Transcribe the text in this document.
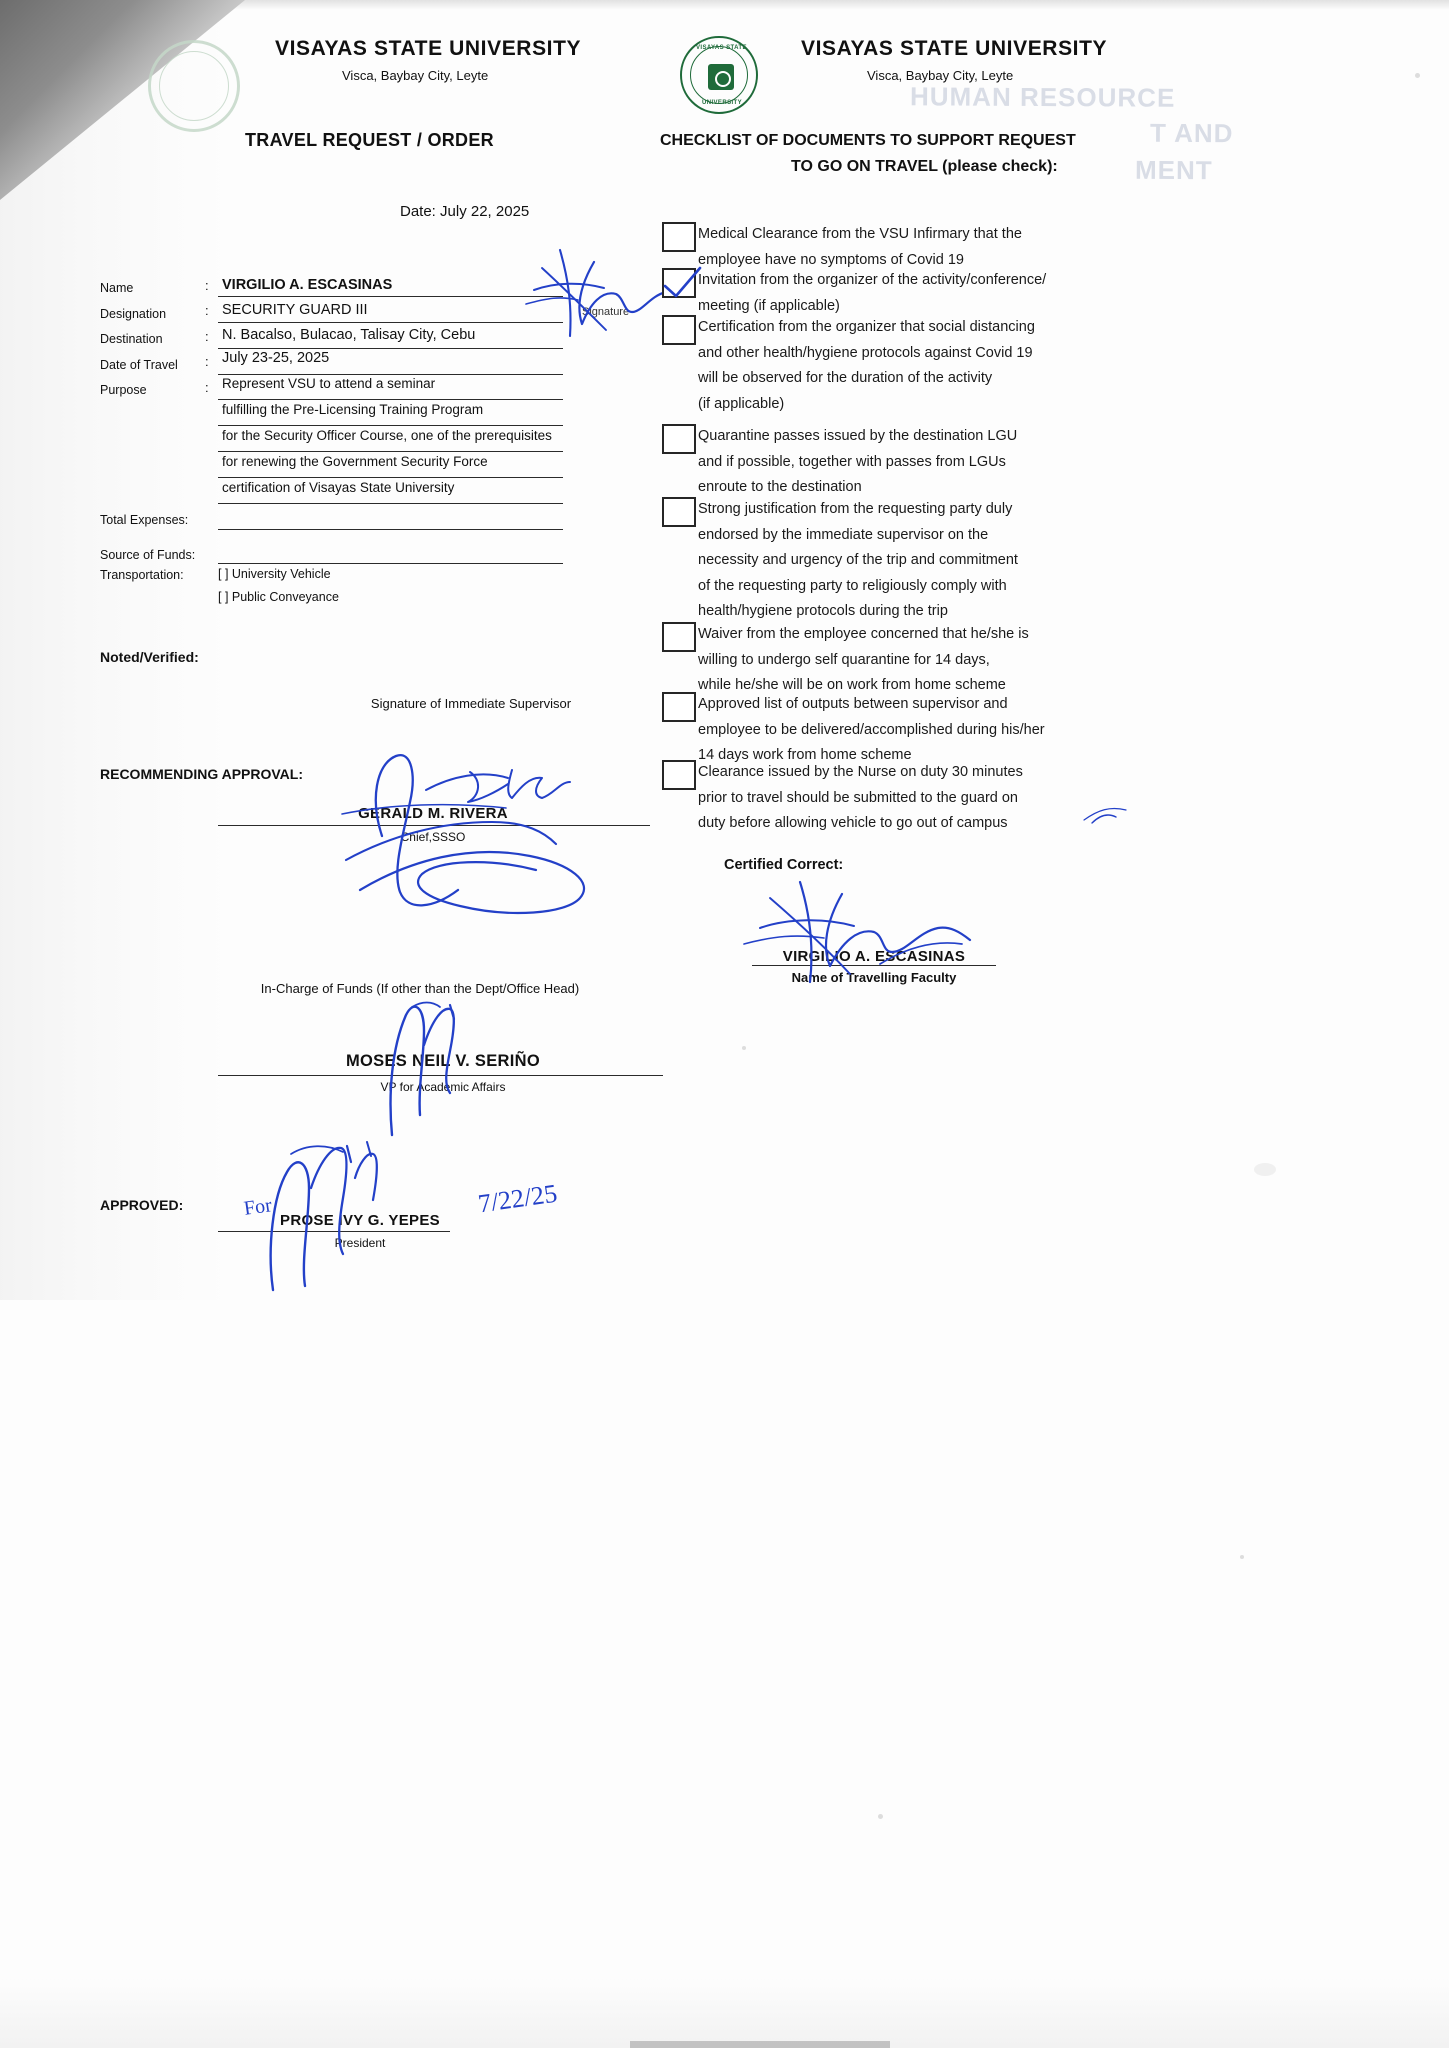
HUMAN RESOURCE
T AND
MENT
VISAYAS STATE UNIVERSITY
Visca, Baybay City, Leyte
TRAVEL REQUEST / ORDER
Date: July 22, 2025
Name	: VIRGILIO A. ESCASINAS
Designation	: SECURITY GUARD III
Destination	: N. Bacalso, Bulacao, Talisay City, Cebu
Date of Travel : July 23-25, 2025
Purpose	: Represent VSU to attend a seminar
fulfilling the Pre-Licensing Training Program
for the Security Officer Course, one of the prerequisites
for renewing the Government Security Force
certification of Visayas State University
Total Expenses:
Source of Funds:
Transportation:	[ ] University Vehicle
[ ] Public Conveyance
Signature
Noted/Verified:
Signature of Immediate Supervisor
RECOMMENDING APPROVAL:
GERALD M. RIVERA
Chief,SSSO
In-Charge of Funds (If other than the Dept/Office Head)
MOSES NEIL V. SERIÑO
VP for Academic Affairs
APPROVED:
PROSE IVY G. YEPES
President
For	7/22/25
VISAYAS STATE
UNIVERSITY
VISAYAS STATE UNIVERSITY
Visca, Baybay City, Leyte
CHECKLIST OF DOCUMENTS TO SUPPORT REQUEST
TO GO ON TRAVEL (please check):
Medical Clearance from the VSU Infirmary that the
employee have no symptoms of Covid 19
Invitation from the organizer of the activity/conference/
meeting (if applicable)
Certification from the organizer that social distancing
and other health/hygiene protocols against Covid 19
will be observed for the duration of the activity
(if applicable)
Quarantine passes issued by the destination LGU
and if possible, together with passes from LGUs
enroute to the destination
Strong justification from the requesting party duly
endorsed by the immediate supervisor on the
necessity and urgency of the trip and commitment
of the requesting party to religiously comply with
health/hygiene protocols during the trip
Waiver from the employee concerned that he/she is
willing to undergo self quarantine for 14 days,
while he/she will be on work from home scheme
Approved list of outputs between supervisor and
employee to be delivered/accomplished during his/her
14 days work from home scheme
Clearance issued by the Nurse on duty 30 minutes
prior to travel should be submitted to the guard on
duty before allowing vehicle to go out of campus
Certified Correct:
VIRGILIO A. ESCASINAS
Name of Travelling Faculty
